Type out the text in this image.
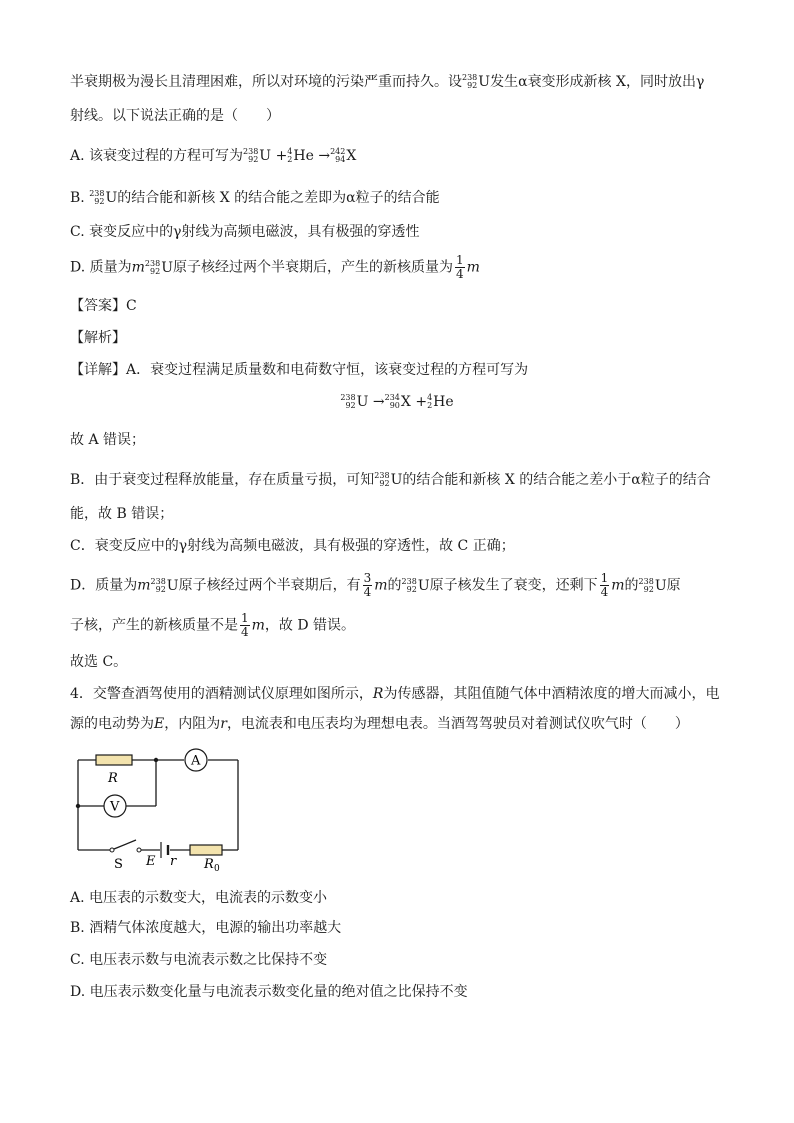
半衰期极为漫长且清理困难，所以对环境的污染严重而持久。设 238
92 U发生α衰变形成新核 X，同时放出γ
射线。以下说法正确的是（　　）
A. 该衰变过程的方程可写为 238
92 U + 4
2 He → 242
94 X
B. 238
92 U的结合能和新核 X 的结合能之差即为α粒子的结合能
C. 衰变反应中的γ射线为高频电磁波，具有极强的穿透性
D. 质量为m 238
92 U原子核经过两个半衰期后，产生的新核质量为 $\frac{1}{4}$ m
【答案】C
【解析】
【详解】A．衰变过程满足质量数和电荷数守恒，该衰变过程的方程可写为
238
92 U → 234
90 X + 4
2 He
故 A 错误；
B．由于衰变过程释放能量，存在质量亏损，可知 238
92 U的结合能和新核 X 的结合能之差小于α粒子的结合
能，故 B 错误；
C．衰变反应中的γ射线为高频电磁波，具有极强的穿透性，故 C 正确；
D．质量为m 238
92 U原子核经过两个半衰期后，有 $\frac{3}{4}$ m的 238
92 U原子核发生了衰变，还剩下 $\frac{1}{4}$ m的 238
92 U原
子核，产生的新核质量不是 $\frac{1}{4}$ m，故 D 错误。
故选 C。
4．交警查酒驾使用的酒精测试仪原理如图所示，R为传感器，其阻值随气体中酒精浓度的增大而减小，电
源的电动势为E，内阻为r，电流表和电压表均为理想电表。当酒驾驾驶员对着测试仪吹气时（　　）
R
A
V
S E r R 0
A. 电压表的示数变大，电流表的示数变小
B. 酒精气体浓度越大，电源的输出功率越大
C. 电压表示数与电流表示数之比保持不变
D. 电压表示数变化量与电流表示数变化量的绝对值之比保持不变
